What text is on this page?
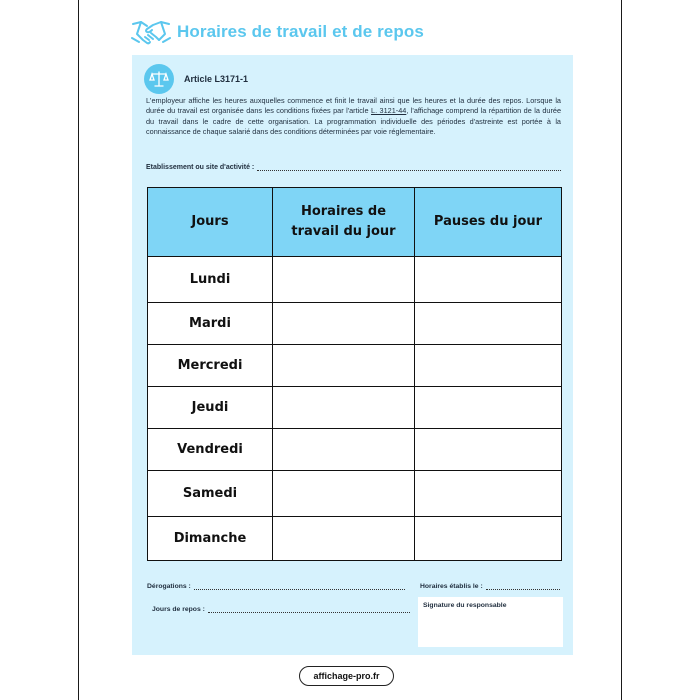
Horaires de travail et de repos
Article L3171-1

L'employeur affiche les heures auxquelles commence et finit le travail ainsi que les heures et la durée des repos. Lorsque la durée du travail est organisée dans les conditions fixées par l'article L. 3121-44, l'affichage comprend la répartition de la durée du travail dans le cadre de cette organisation. La programmation individuelle des périodes d'astreinte est portée à la connaissance de chaque salarié dans des conditions déterminées par voie réglementaire.

Etablissement ou site d'activité :
Jours	Horaires de travail du jour	Pauses du jour
Lundi		
Mardi		
Mercredi		
Jeudi		
Vendredi		
Samedi		
Dimanche		
Dérogations :	Horaires établis le :
Jours de repos :
Signature du responsable
affichage-pro.fr
